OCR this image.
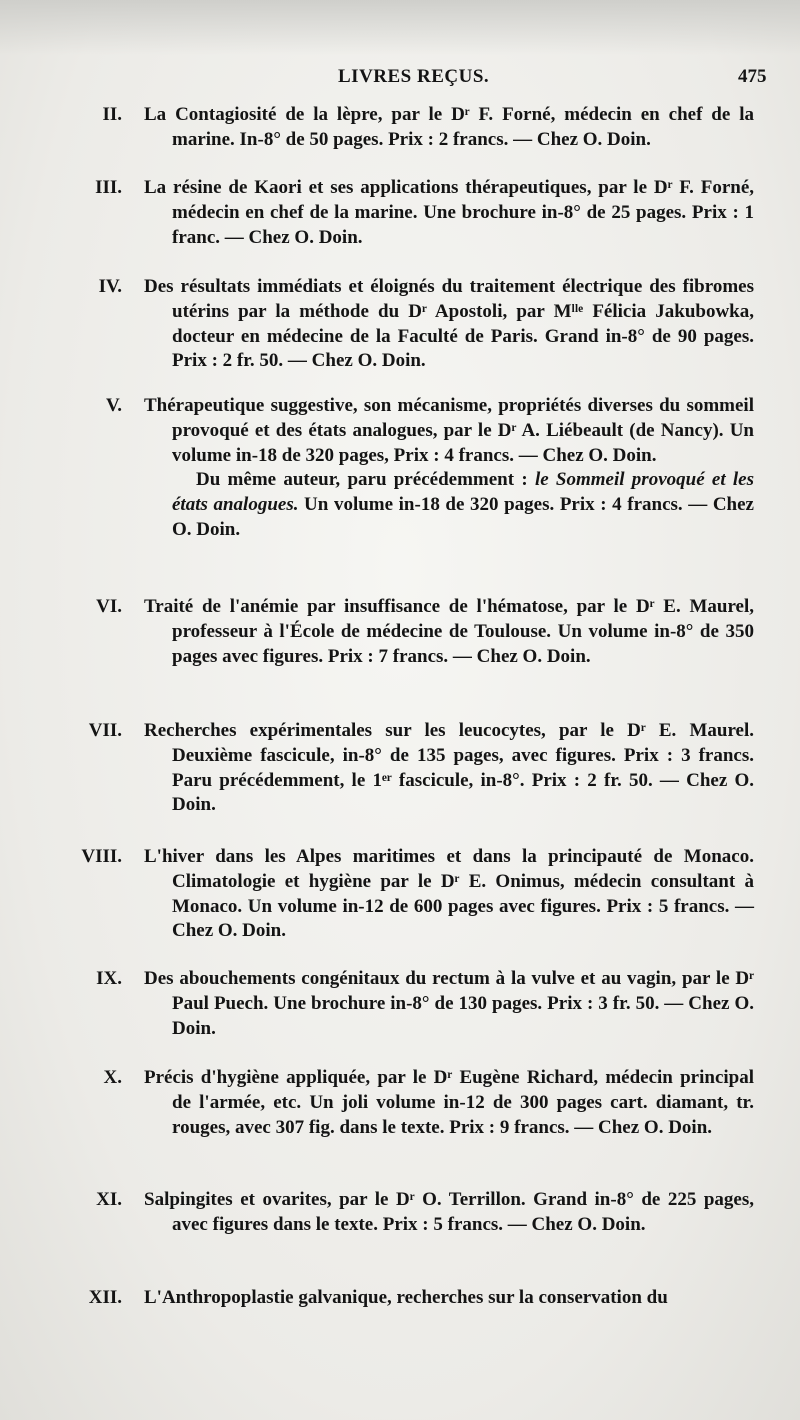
LIVRES REÇUS.	475
II. La Contagiosité de la lèpre, par le Dʳ F. Forné, médecin en chef de la marine. In-8° de 50 pages. Prix : 2 francs. — Chez O. Doin.
III. La résine de Kaori et ses applications thérapeutiques, par le Dʳ F. Forné, médecin en chef de la marine. Une brochure in-8° de 25 pages. Prix : 1 franc. — Chez O. Doin.
IV. Des résultats immédiats et éloignés du traitement électrique des fibromes utérins par la méthode du Dʳ Apostoli, par Mˡˡᵉ Félicia Jakubowka, docteur en médecine de la Faculté de Paris. Grand in-8° de 90 pages. Prix : 2 fr. 50. — Chez O. Doin.
V. Thérapeutique suggestive, son mécanisme, propriétés diverses du sommeil provoqué et des états analogues, par le Dʳ A. Liébeault (de Nancy). Un volume in-18 de 320 pages, Prix : 4 francs. — Chez O. Doin.
Du même auteur, paru précédemment : le Sommeil provoqué et les états analogues. Un volume in-18 de 320 pages. Prix : 4 francs. — Chez O. Doin.
VI. Traité de l'anémie par insuffisance de l'hématose, par le Dʳ E. Maurel, professeur à l'École de médecine de Toulouse. Un volume in-8° de 350 pages avec figures. Prix : 7 francs. — Chez O. Doin.
VII. Recherches expérimentales sur les leucocytes, par le Dʳ E. Maurel. Deuxième fascicule, in-8° de 135 pages, avec figures. Prix : 3 francs. Paru précédemment, le 1ᵉʳ fascicule, in-8°. Prix : 2 fr. 50. — Chez O. Doin.
VIII. L'hiver dans les Alpes maritimes et dans la principauté de Monaco. Climatologie et hygiène par le Dʳ E. Onimus, médecin consultant à Monaco. Un volume in-12 de 600 pages avec figures. Prix : 5 francs. — Chez O. Doin.
IX. Des abouchements congénitaux du rectum à la vulve et au vagin, par le Dʳ Paul Puech. Une brochure in-8° de 130 pages. Prix : 3 fr. 50. — Chez O. Doin.
X. Précis d'hygiène appliquée, par le Dʳ Eugène Richard, médecin principal de l'armée, etc. Un joli volume in-12 de 300 pages cart. diamant, tr. rouges, avec 307 fig. dans le texte. Prix : 9 francs. — Chez O. Doin.
XI. Salpingites et ovarites, par le Dʳ O. Terrillon. Grand in-8° de 225 pages, avec figures dans le texte. Prix : 5 francs. — Chez O. Doin.
XII. L'Anthropoplastie galvanique, recherches sur la conservation du
